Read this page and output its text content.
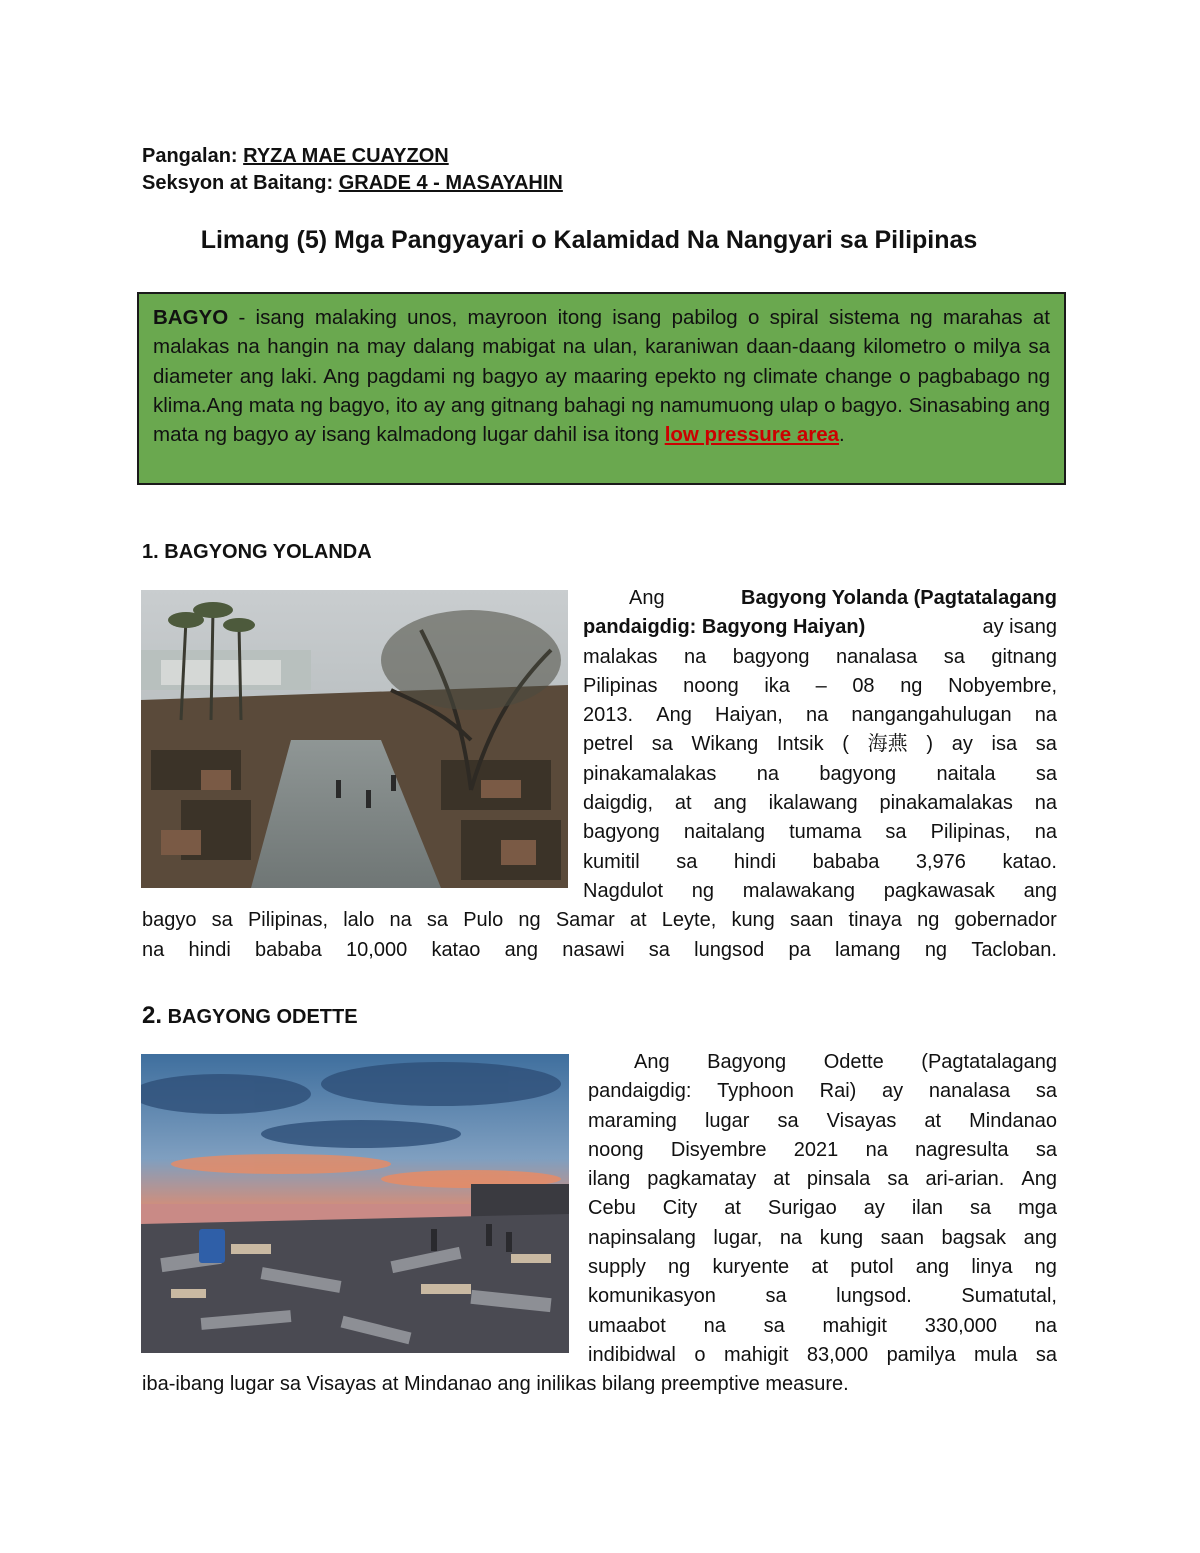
Pangalan: RYZA MAE CUAYZON
Seksyon at Baitang: GRADE 4 - MASAYAHIN
Limang (5) Mga Pangyayari o Kalamidad Na Nangyari sa Pilipinas
BAGYO - isang malaking unos, mayroon itong isang pabilog o spiral sistema ng marahas at malakas na hangin na may dalang mabigat na ulan, karaniwan daan-daang kilometro o milya sa diameter ang laki. Ang pagdami ng bagyo ay maaring epekto ng climate change o pagbabago ng klima.Ang mata ng bagyo, ito ay ang gitnang bahagi ng namumuong ulap o bagyo. Sinasabing ang mata ng bagyo ay isang kalmadong lugar dahil isa itong low pressure area.
1. BAGYONG YOLANDA
Ang	Bagyong Yolanda (Pagtatalagang
pandaigdig: Bagyong Haiyan)	ay isang
malakas na bagyong nanalasa sa gitnang
Pilipinas noong ika – 08 ng Nobyembre,
2013. Ang Haiyan, na nangangahulugan na
petrel sa Wikang Intsik ( 海燕 ) ay isa sa
pinakamalakas na bagyong naitala sa
daigdig, at ang ikalawang pinakamalakas na
bagyong naitalang tumama sa Pilipinas, na
kumitil sa hindi bababa 3,976 katao.
Nagdulot ng malawakang pagkawasak ang
bagyo sa Pilipinas, lalo na sa Pulo ng Samar at Leyte, kung saan tinaya ng gobernador
na hindi bababa 10,000 katao ang nasawi sa lungsod pa lamang ng Tacloban.
2. BAGYONG ODETTE
Ang Bagyong Odette (Pagtatalagang
pandaigdig: Typhoon Rai) ay nanalasa sa
maraming lugar sa Visayas at Mindanao
noong Disyembre 2021 na nagresulta sa
ilang pagkamatay at pinsala sa ari-arian. Ang
Cebu City at Surigao ay ilan sa mga
napinsalang lugar, na kung saan bagsak ang
supply ng kuryente at putol ang linya ng
komunikasyon sa lungsod. Sumatutal,
umaabot na sa mahigit 330,000 na
indibidwal o mahigit 83,000 pamilya mula sa
iba-ibang lugar sa Visayas at Mindanao ang inilikas bilang preemptive measure.
